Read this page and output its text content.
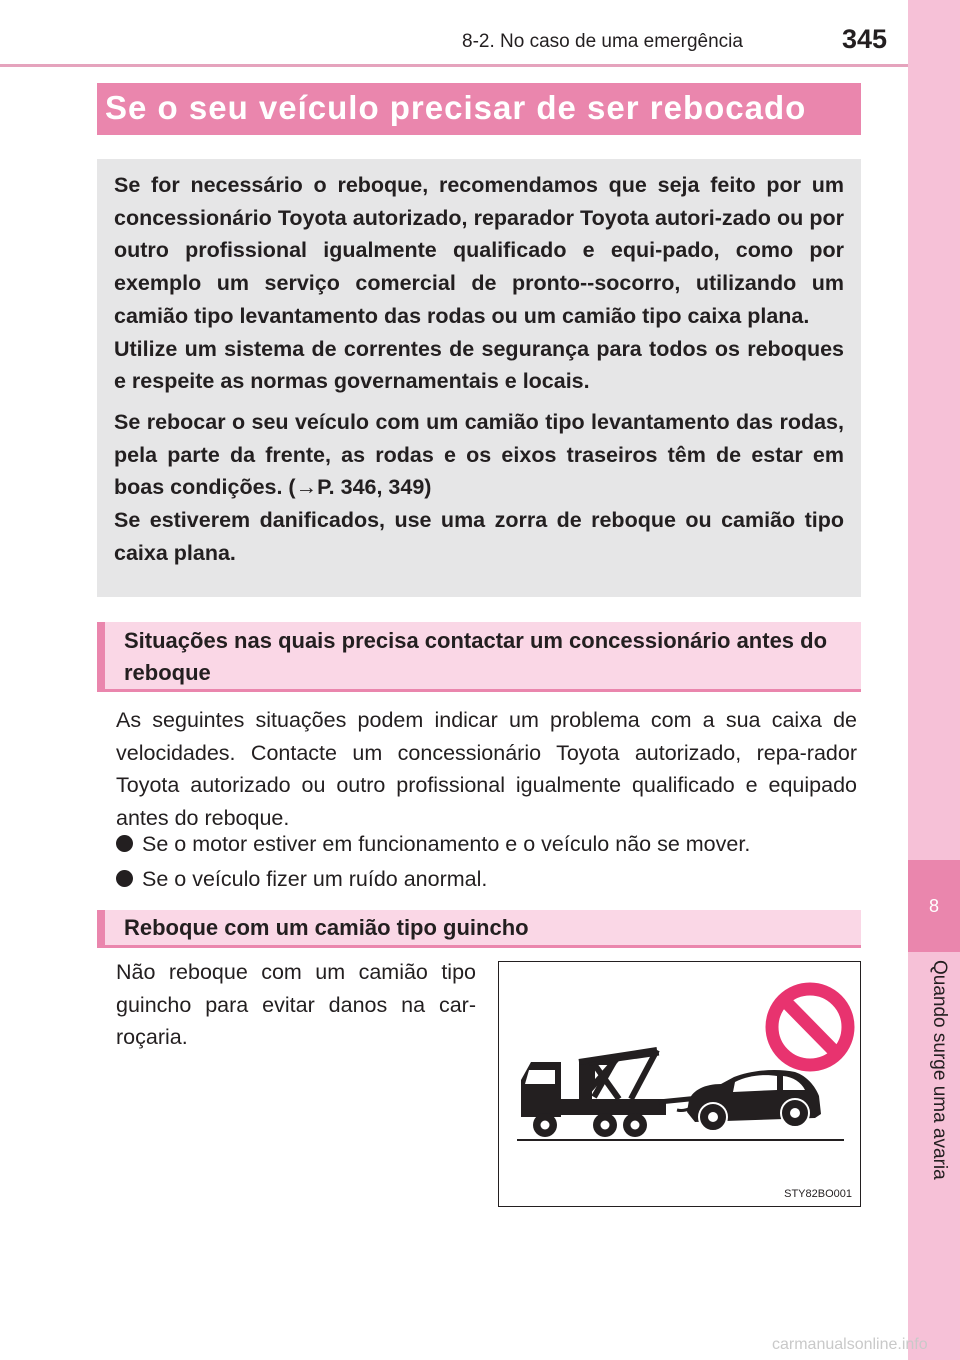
8-2. No caso de uma emergência	345
8
Quando surge uma avaria
Se o seu veículo precisar de ser rebocado

Se for necessário o reboque, recomendamos que seja feito por um concessionário Toyota autorizado, reparador Toyota autori-zado ou por outro profissional igualmente qualificado e equi-pado, como por exemplo um serviço comercial de pronto--socorro, utilizando um camião tipo levantamento das rodas ou um camião tipo caixa plana.

Utilize um sistema de correntes de segurança para todos os reboques e respeite as normas governamentais e locais.

Se rebocar o seu veículo com um camião tipo levantamento das rodas, pela parte da frente, as rodas e os eixos traseiros têm de estar em boas condições. (→P. 346, 349)

Se estiverem danificados, use uma zorra de reboque ou camião tipo caixa plana.

Situações nas quais precisa contactar um concessionário antes do reboque

As seguintes situações podem indicar um problema com a sua caixa de velocidades. Contacte um concessionário Toyota autorizado, repa-rador Toyota autorizado ou outro profissional igualmente qualificado e equipado antes do reboque.

Se o motor estiver em funcionamento e o veículo não se mover.

Se o veículo fizer um ruído anormal.

Reboque com um camião tipo guincho

Não reboque com um camião tipo guincho para evitar danos na car-roçaria.

STY82BO001
carmanualsonline.info
